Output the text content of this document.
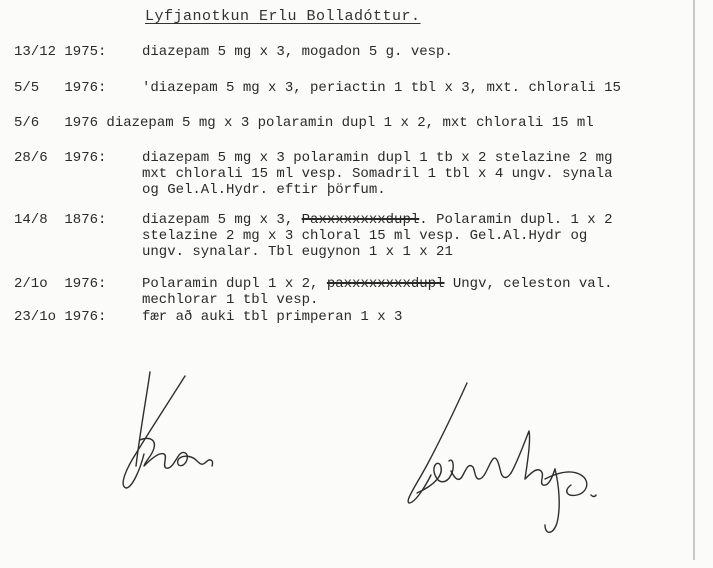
Lyfjanotkun Erlu Bolladóttur.
13/12 1975:	diazepam 5 mg x 3, mogadon 5 g. vesp.
5/5   1976:	'diazepam 5 mg x 3, periactin 1 tbl x 3, mxt. chlorali 15
5/6   1976 diazepam 5 mg x 3 polaramin dupl 1 x 2, mxt chlorali 15 ml
28/6  1976:	diazepam 5 mg x 3 polaramin dupl 1 tb x 2 stelazine 2 mg
mxt chlorali 15 ml vesp. Somadril 1 tbl x 4 ungv. synala
og Gel.Al.Hydr. eftir þörfum.
14/8  1876:	diazepam 5 mg x 3, Paxxxxxxxxdupl. Polaramin dupl. 1 x 2
stelazine 2 mg x 3 chloral 15 ml vesp. Gel.Al.Hydr og
ungv. synalar. Tbl eugynon 1 x 1 x 21
2/1o  1976:	Polaramin dupl 1 x 2, paxxxxxxxxdupl Ungv, celeston val.
mechlorar 1 tbl vesp.
23/1o 1976:	fær að auki tbl primperan 1 x 3
